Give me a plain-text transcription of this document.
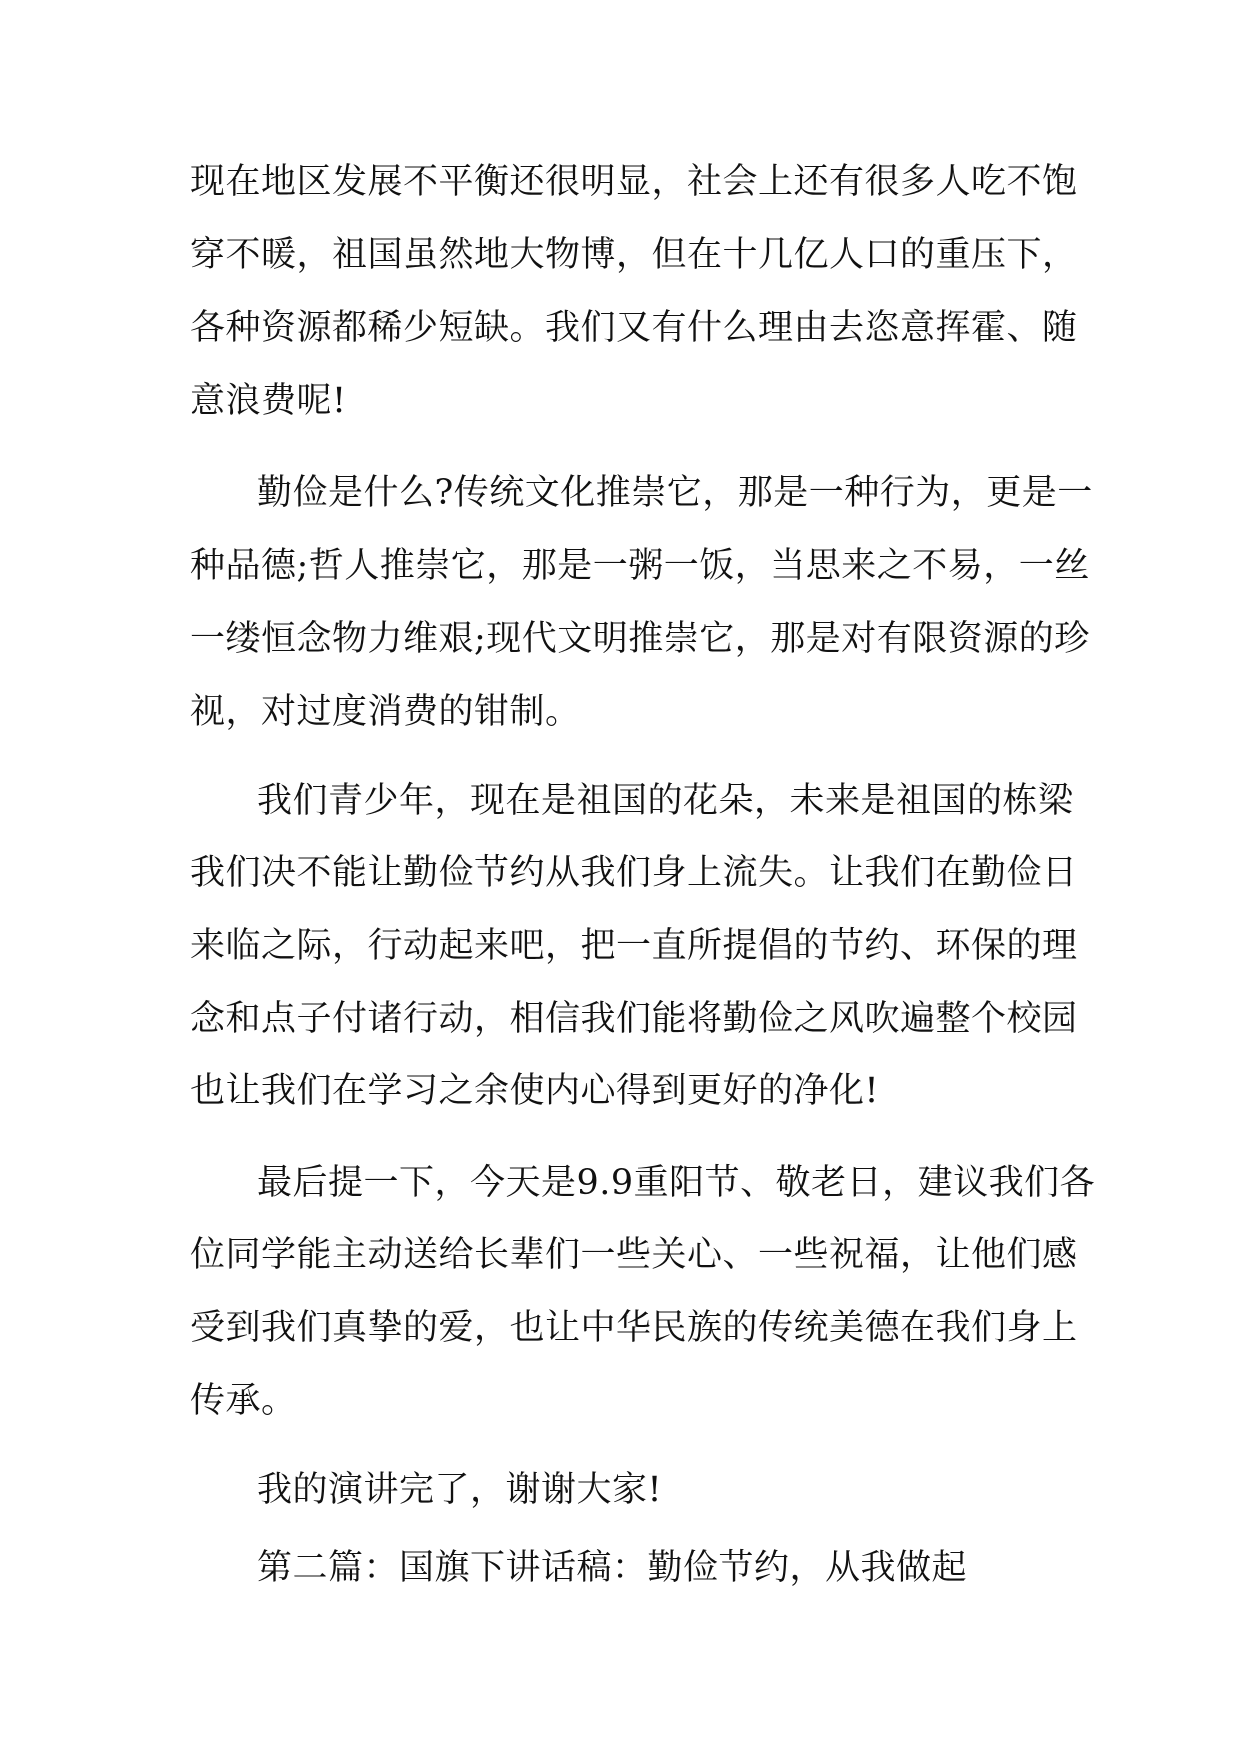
现在地区发展不平衡还很明显，社会上还有很多人吃不饱
穿不暖，祖国虽然地大物博，但在十几亿人口的重压下，
各种资源都稀少短缺。我们又有什么理由去恣意挥霍、随
意浪费呢!
勤俭是什么?传统文化推崇它，那是一种行为，更是一
种品德;哲人推崇它，那是一粥一饭，当思来之不易，一丝
一缕恒念物力维艰;现代文明推崇它，那是对有限资源的珍
视，对过度消费的钳制。
我们青少年，现在是祖国的花朵，未来是祖国的栋梁
我们决不能让勤俭节约从我们身上流失。让我们在勤俭日
来临之际，行动起来吧，把一直所提倡的节约、环保的理
念和点子付诸行动，相信我们能将勤俭之风吹遍整个校园
也让我们在学习之余使内心得到更好的净化!
最后提一下，今天是9.9重阳节、敬老日，建议我们各
位同学能主动送给长辈们一些关心、一些祝福，让他们感
受到我们真挚的爱，也让中华民族的传统美德在我们身上
传承。
我的演讲完了，谢谢大家!
第二篇：国旗下讲话稿：勤俭节约，从我做起
